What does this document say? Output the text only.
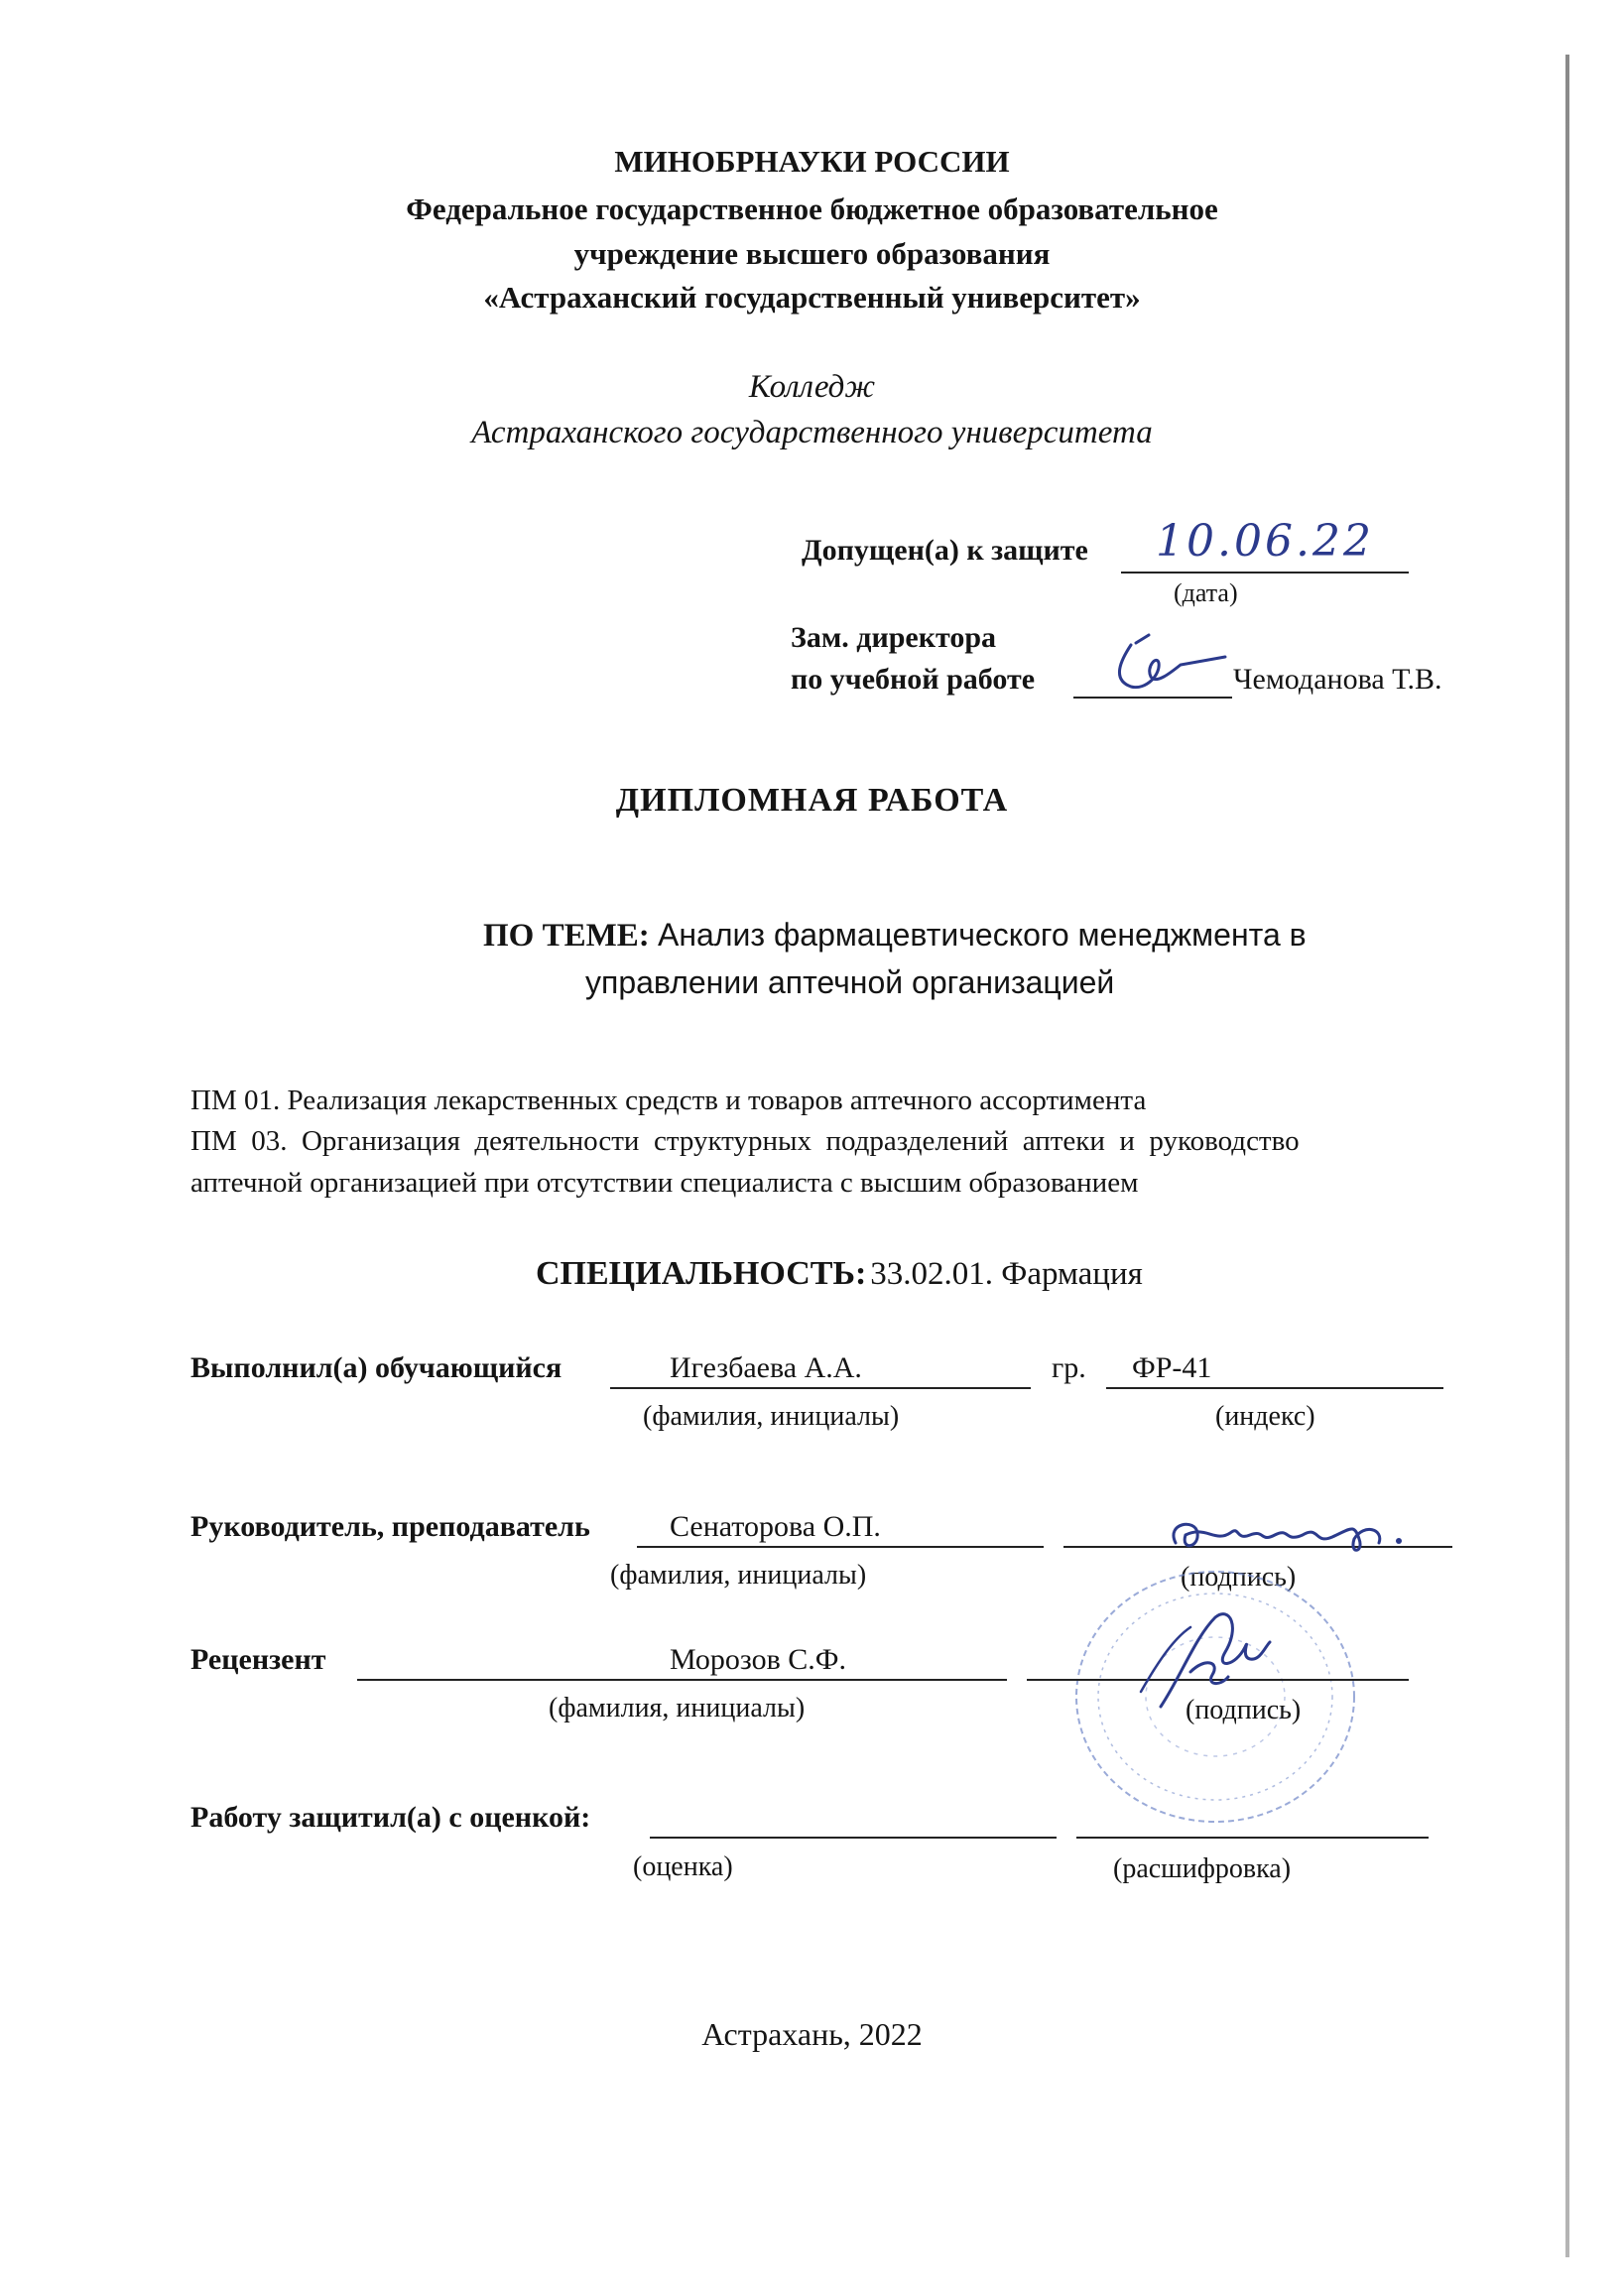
МИНОБРНАУКИ РОССИИ
Федеральное государственное бюджетное образовательное
учреждение высшего образования
«Астраханский государственный университет»
Колледж
Астраханского государственного университета
Допущен(а) к защите 10.06.22
(дата)
Зам. директора
по учебной работе	Чемоданова Т.В.
ДИПЛОМНАЯ РАБОТА
ПО ТЕМЕ: Анализ фармацевтического менеджмента в
управлении аптечной организацией
ПМ 01. Реализация лекарственных средств и товаров аптечного ассортимента
ПМ  03.  Организация  деятельности  структурных  подразделений  аптеки  и  руководство
аптечной организацией при отсутствии специалиста с высшим образованием
СПЕЦИАЛЬНОСТЬ: 33.02.01. Фармация
Выполнил(а) обучающийся	Игезбаева А.А.	гр. ФР-41
(фамилия, инициалы)	(индекс)
Руководитель, преподаватель	Сенаторова О.П.
(фамилия, инициалы)	(подпись)
Рецензент	Морозов С.Ф.
(фамилия, инициалы)	(подпись)
Работу защитил(а) с оценкой:
(оценка)	(расшифровка)
Астрахань, 2022
